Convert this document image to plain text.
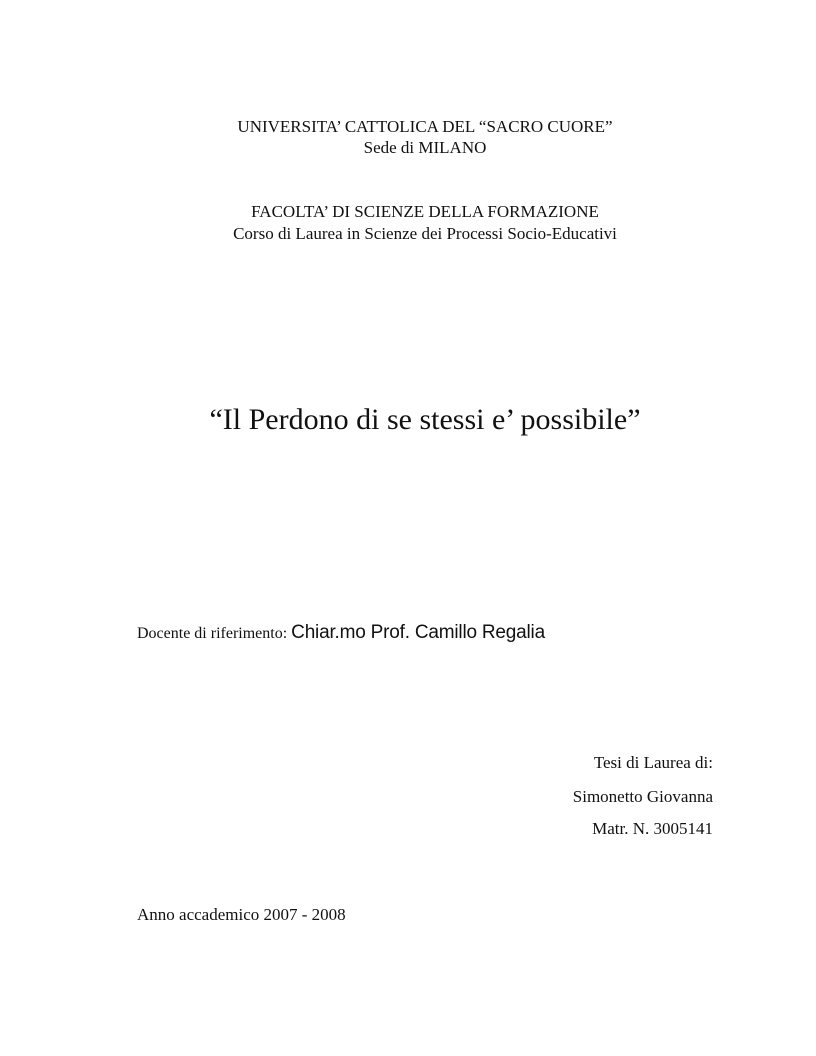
UNIVERSITA’ CATTOLICA DEL “SACRO CUORE”
Sede di MILANO
FACOLTA’ DI SCIENZE DELLA FORMAZIONE
Corso di Laurea in Scienze dei Processi Socio-Educativi
“Il Perdono di se stessi e’ possibile”
Docente di riferimento: Chiar.mo Prof. Camillo Regalia
Tesi di Laurea di:
Simonetto Giovanna
Matr. N. 3005141
Anno accademico 2007 - 2008
